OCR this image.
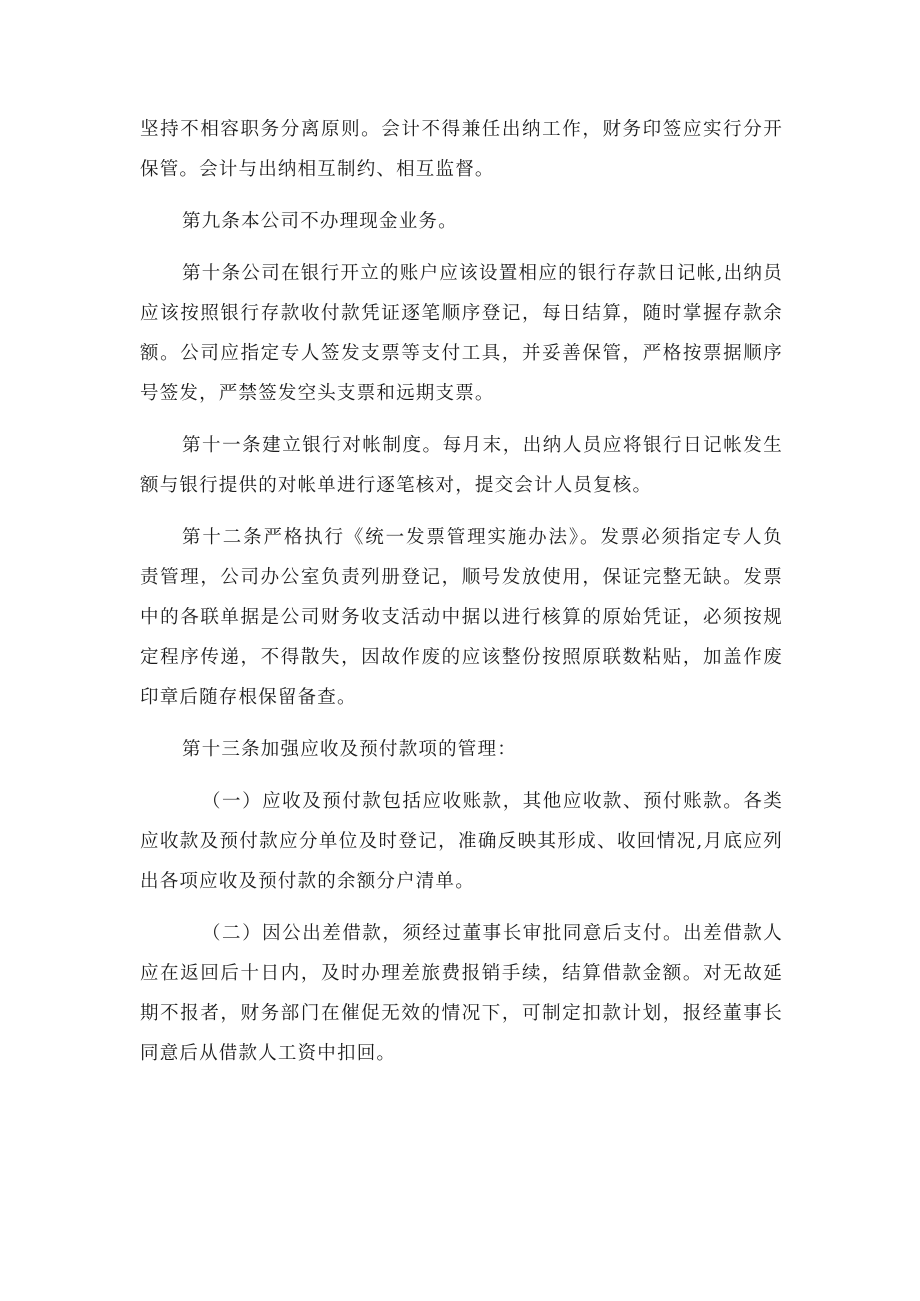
坚持不相容职务分离原则。会计不得兼任出纳工作，财务印签应实行分开保管。会计与出纳相互制约、相互监督。

第九条本公司不办理现金业务。

第十条公司在银行开立的账户应该设置相应的银行存款日记帐,出纳员应该按照银行存款收付款凭证逐笔顺序登记，每日结算，随时掌握存款余额。公司应指定专人签发支票等支付工具，并妥善保管，严格按票据顺序号签发，严禁签发空头支票和远期支票。

第十一条建立银行对帐制度。每月末，出纳人员应将银行日记帐发生额与银行提供的对帐单进行逐笔核对，提交会计人员复核。

第十二条严格执行《统一发票管理实施办法》。发票必须指定专人负责管理，公司办公室负责列册登记，顺号发放使用，保证完整无缺。发票中的各联单据是公司财务收支活动中据以进行核算的原始凭证，必须按规定程序传递，不得散失，因故作废的应该整份按照原联数粘贴，加盖作废印章后随存根保留备查。

第十三条加强应收及预付款项的管理：

（一）应收及预付款包括应收账款，其他应收款、预付账款。各类应收款及预付款应分单位及时登记，准确反映其形成、收回情况,月底应列出各项应收及预付款的余额分户清单。

（二）因公出差借款，须经过董事长审批同意后支付。出差借款人应在返回后十日内，及时办理差旅费报销手续，结算借款金额。对无故延期不报者，财务部门在催促无效的情况下，可制定扣款计划，报经董事长同意后从借款人工资中扣回。
